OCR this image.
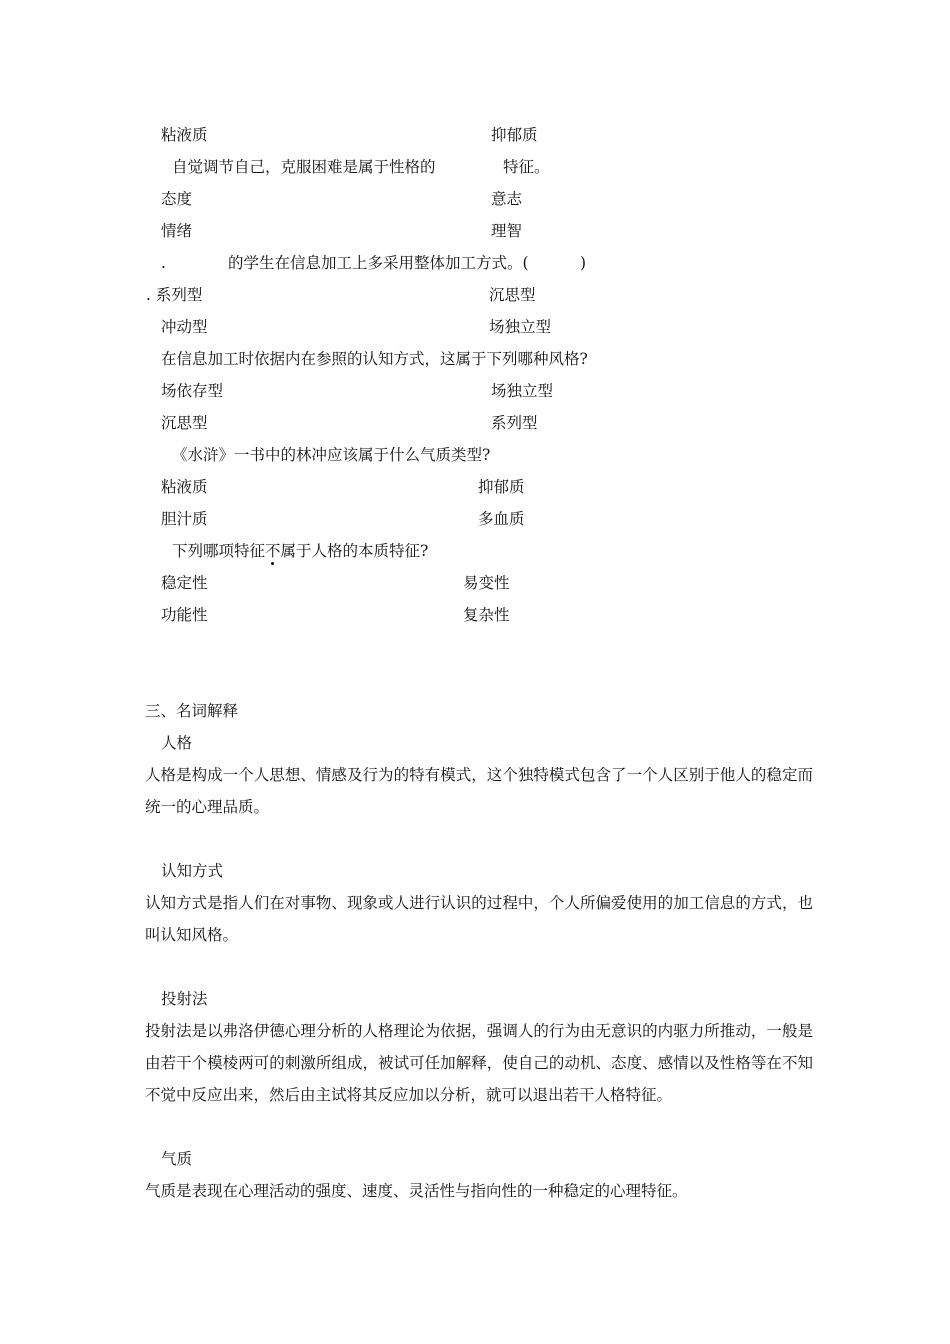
粘液质	抑郁质
自觉调节自己，克服困难是属于性格的	特征。
态度	意志
情绪	理智
.	的学生在信息加工上多采用整体加工方式。(	)
. 系列型	沉思型
冲动型	场独立型
在信息加工时依据内在参照的认知方式，这属于下列哪种风格?
场依存型	场独立型
沉思型	系列型
《水浒》一书中的林冲应该属于什么气质类型?
粘液质	抑郁质
胆汁质	多血质
下列哪项特征不属于人格的本质特征?
稳定性	易变性
功能性	复杂性
三、名词解释
人格
人格是构成一个人思想、情感及行为的特有模式，这个独特模式包含了一个人区别于他人的稳定而统一的心理品质。
认知方式
认知方式是指人们在对事物、现象或人进行认识的过程中，个人所偏爱使用的加工信息的方式，也叫认知风格。
投射法
投射法是以弗洛伊德心理分析的人格理论为依据，强调人的行为由无意识的内驱力所推动，一般是由若干个模棱两可的刺激所组成，被试可任加解释，使自己的动机、态度、感情以及性格等在不知不觉中反应出来，然后由主试将其反应加以分析，就可以退出若干人格特征。
气质
气质是表现在心理活动的强度、速度、灵活性与指向性的一种稳定的心理特征。
